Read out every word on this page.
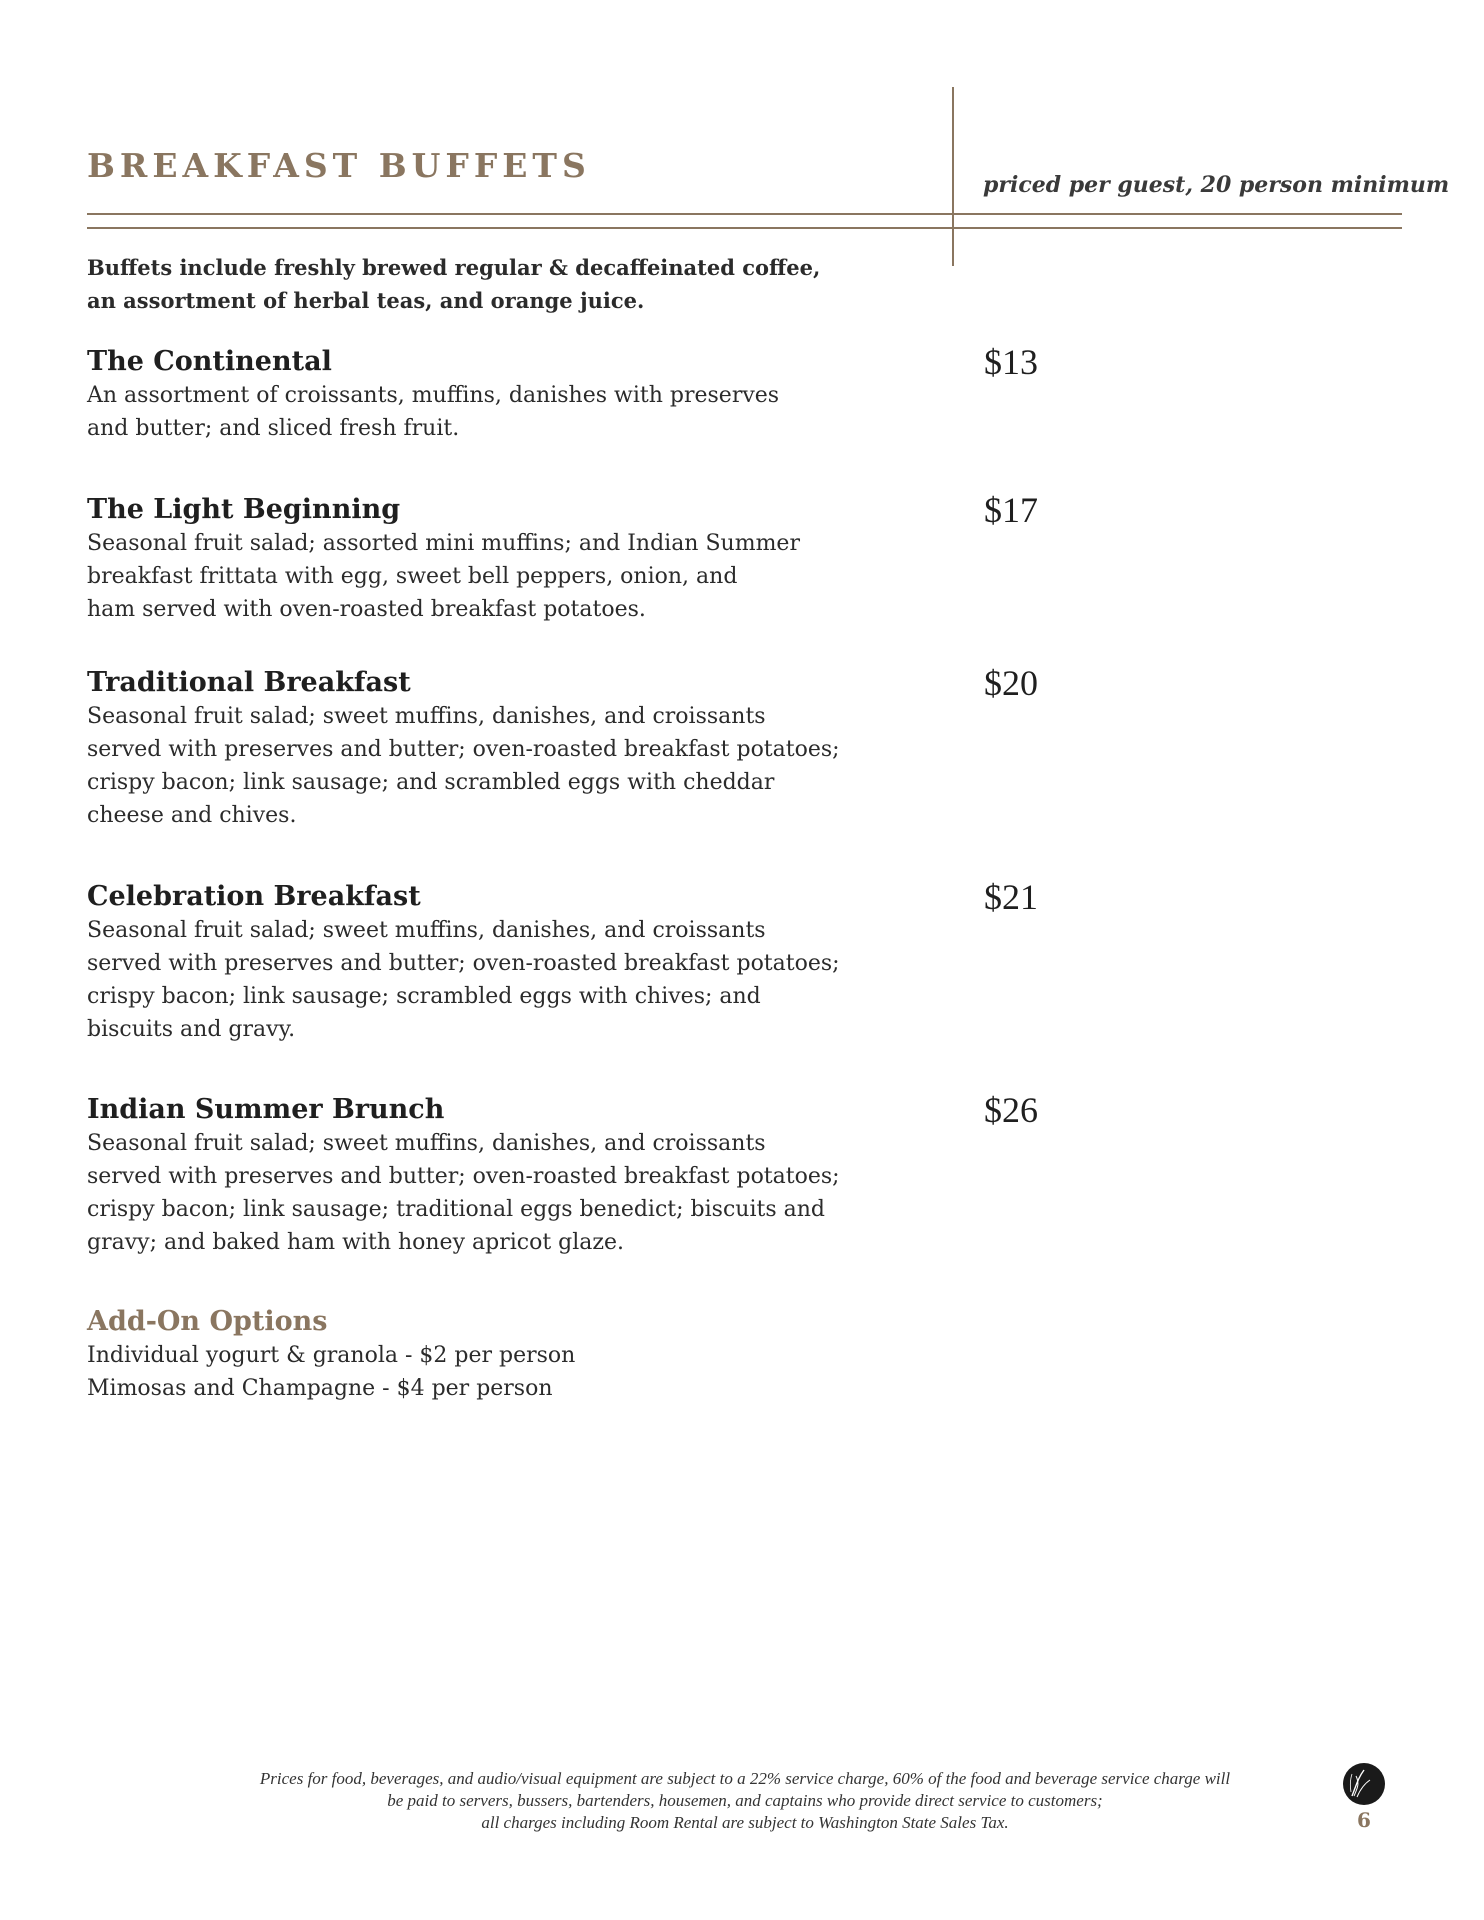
BREAKFAST BUFFETS	priced per guest, 20 person minimum
Buffets include freshly brewed regular & decaffeinated coffee,
an assortment of herbal teas, and orange juice.
The Continental	$13
An assortment of croissants, muffins, danishes with preserves
and butter; and sliced fresh fruit.
The Light Beginning	$17
Seasonal fruit salad; assorted mini muffins; and Indian Summer
breakfast frittata with egg, sweet bell peppers, onion, and
ham served with oven-roasted breakfast potatoes.
Traditional Breakfast	$20
Seasonal fruit salad; sweet muffins, danishes, and croissants
served with preserves and butter; oven-roasted breakfast potatoes;
crispy bacon; link sausage; and scrambled eggs with cheddar
cheese and chives.
Celebration Breakfast	$21
Seasonal fruit salad; sweet muffins, danishes, and croissants
served with preserves and butter; oven-roasted breakfast potatoes;
crispy bacon; link sausage; scrambled eggs with chives; and
biscuits and gravy.
Indian Summer Brunch	$26
Seasonal fruit salad; sweet muffins, danishes, and croissants
served with preserves and butter; oven-roasted breakfast potatoes;
crispy bacon; link sausage; traditional eggs benedict; biscuits and
gravy; and baked ham with honey apricot glaze.
Add-On Options
Individual yogurt & granola - $2 per person
Mimosas and Champagne - $4 per person
Prices for food, beverages, and audio/visual equipment are subject to a 22% service charge, 60% of the food and beverage service charge will
be paid to servers, bussers, bartenders, housemen, and captains who provide direct service to customers;
all charges including Room Rental are subject to Washington State Sales Tax.	6
